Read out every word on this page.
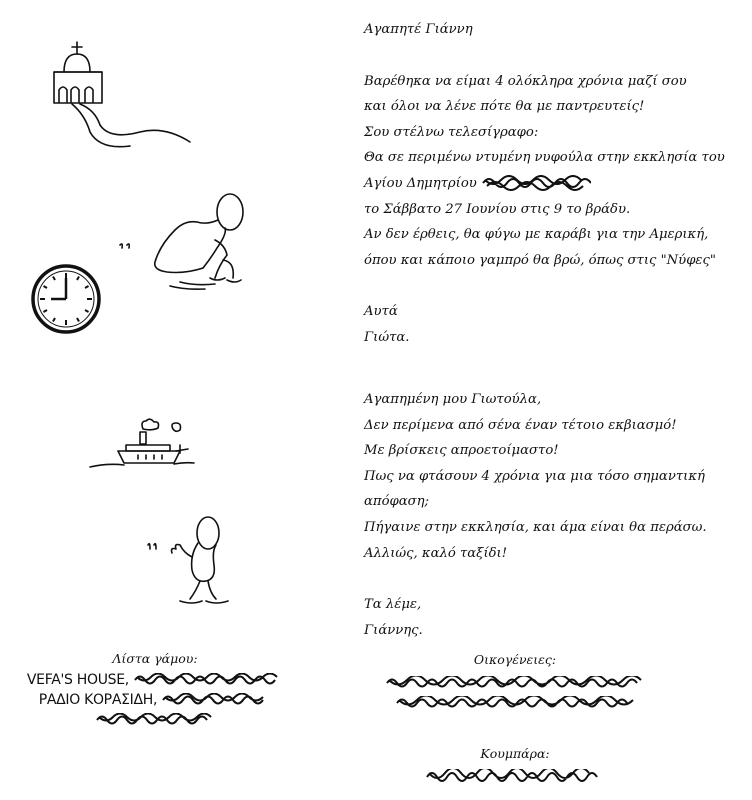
Αγαπητέ Γιάννη

Βαρέθηκα να είμαι 4 ολόκληρα χρόνια μαζί σου

και όλοι να λένε πότε θα με παντρευτείς!

Σου στέλνω τελεσίγραφο:

Θα σε περιμένω ντυμένη νυφούλα στην εκκλησία του

Αγίου Δημητρίου

το Σάββατο 27 Ιουνίου στις 9 το βράδυ.

Αν δεν έρθεις, θα φύγω με καράβι για την Αμερική,

όπου και κάποιο γαμπρό θα βρώ, όπως στις "Νύφες"

Αυτά

Γιώτα.

Αγαπημένη μου Γιωτούλα,

Δεν περίμενα από σένα έναν τέτοιο εκβιασμό!

Με βρίσκεις απροετοίμαστο!

Πως να φτάσουν 4 χρόνια για μια τόσο σημαντική

απόφαση;

Πήγαινε στην εκκλησία, και άμα είναι θα περάσω.

Αλλιώς, καλό ταξίδι!

Τα λέμε,

Γιάννης.

Λίστα γάμου:
VEFA'S HOUSE,
ΡΑΔΙΟ ΚΟΡΑΣΙΔΗ,
Οικογένειες:
Κουμπάρα:
